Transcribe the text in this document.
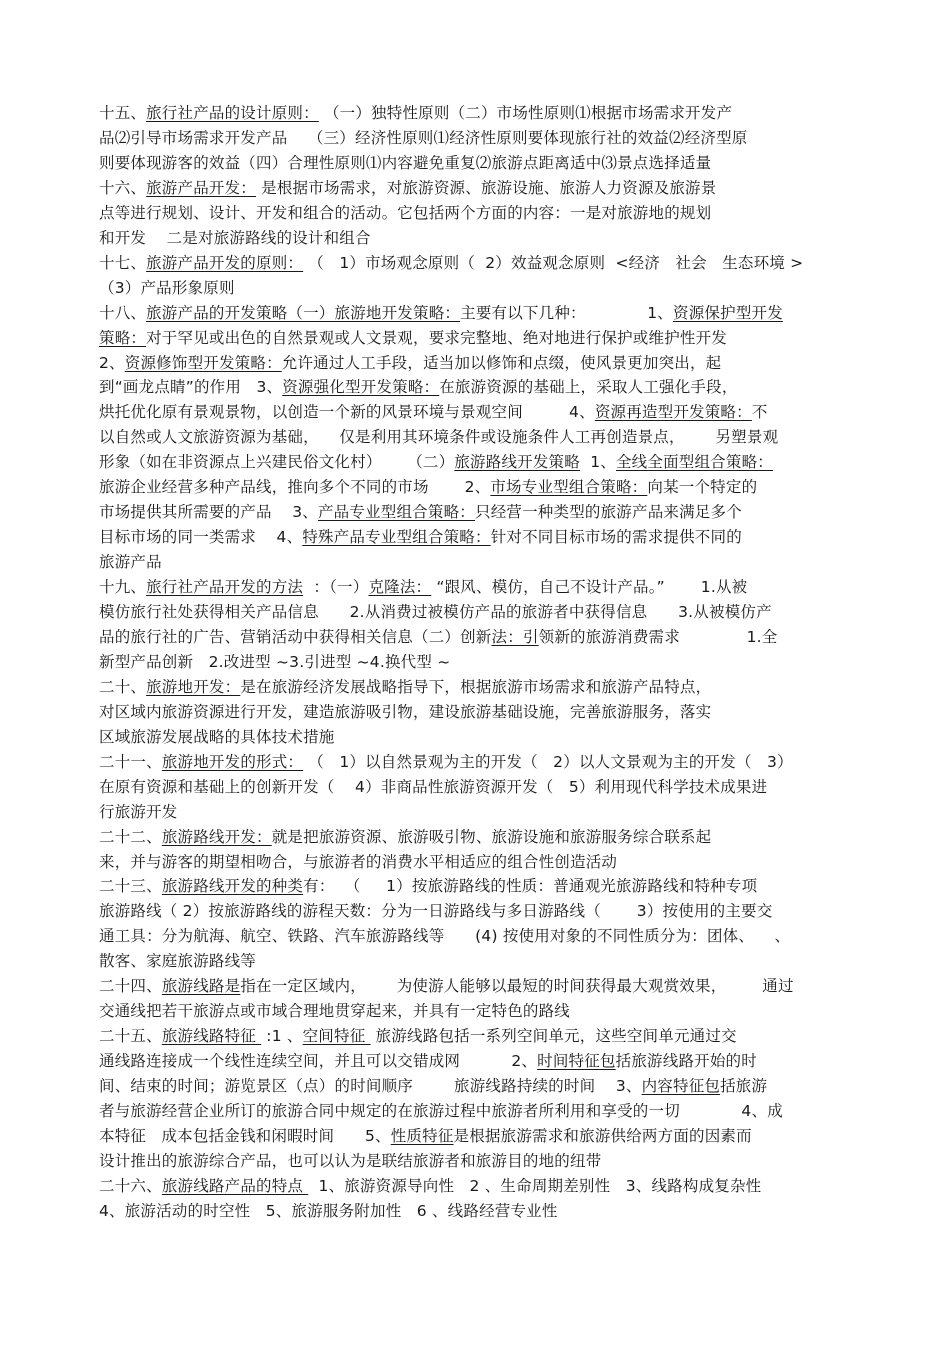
十五、旅行社产品的设计原则： （一）独特性原则（二）市场性原则⑴根据市场需求开发产
品⑵引导市场需求开发产品    （三）经济性原则⑴经济性原则要体现旅行社的效益⑵经济型原
则要体现游客的效益（四）合理性原则⑴内容避免重复⑵旅游点距离适中⑶景点选择适量
十六、旅游产品开发： 是根据市场需求，对旅游资源、旅游设施、旅游人力资源及旅游景
点等进行规划、设计、开发和组合的活动。它包括两个方面的内容：一是对旅游地的规划
和开发    二是对旅游路线的设计和组合
十七、旅游产品开发的原则： （   1）市场观念原则（  2）效益观念原则  <经济   社会   生态环境 >
（3）产品形象原则
十八、旅游产品的开发策略（一）旅游地开发策略：主要有以下几种：            1、资源保护型开发
策略：对于罕见或出色的自然景观或人文景观，要求完整地、绝对地进行保护或维护性开发
2、资源修饰型开发策略：允许通过人工手段，适当加以修饰和点缀，使风景更加突出，起
到“画龙点睛”的作用   3、资源强化型开发策略：在旅游资源的基础上，采取人工强化手段，
烘托优化原有景观景物，以创造一个新的风景环境与景观空间         4、资源再造型开发策略：不
以自然或人文旅游资源为基础，    仅是利用其环境条件或设施条件人工再创造景点，      另塑景观
形象（如在非资源点上兴建民俗文化村）     （二）旅游路线开发策略  1、全线全面型组合策略：
旅游企业经营多种产品线，推向多个不同的市场       2、市场专业型组合策略：向某一个特定的
市场提供其所需要的产品    3、产品专业型组合策略：只经营一种类型的旅游产品来满足多个
目标市场的同一类需求    4、特殊产品专业型组合策略：针对不同目标市场的需求提供不同的
旅游产品
十九、旅行社产品开发的方法  ：（一）克隆法： “跟风、模仿，自己不设计产品。”       1.从被
模仿旅行社处获得相关产品信息      2.从消费过被模仿产品的旅游者中获得信息      3.从被模仿产
品的旅行社的广告、营销活动中获得相关信息（二）创新法：引领新的旅游消费需求             1.全
新型产品创新   2.改进型 ~3.引进型 ~4.换代型 ~
二十、旅游地开发：是在旅游经济发展战略指导下，根据旅游市场需求和旅游产品特点，
对区域内旅游资源进行开发，建造旅游吸引物，建设旅游基础设施，完善旅游服务，落实
区域旅游发展战略的具体技术措施
二十一、旅游地开发的形式： （   1）以自然景观为主的开发（   2）以人文景观为主的开发（   3）
在原有资源和基础上的创新开发（    4）非商品性旅游资源开发（   5）利用现代科学技术成果进
行旅游开发
二十二、旅游路线开发：就是把旅游资源、旅游吸引物、旅游设施和旅游服务综合联系起
来，并与游客的期望相吻合，与旅游者的消费水平相适应的组合性创造活动
二十三、旅游路线开发的种类有：  （     1）按旅游路线的性质：普通观光旅游路线和特种专项
旅游路线（ 2）按旅游路线的游程天数：分为一日游路线与多日游路线（       3）按使用的主要交
通工具：分为航海、航空、铁路、汽车旅游路线等      (4) 按使用对象的不同性质分为：团体、    、
散客、家庭旅游路线等
二十四、旅游线路是指在一定区域内，      为使游人能够以最短的时间获得最大观赏效果，       通过
交通线把若干旅游点或市域合理地贯穿起来，并具有一定特色的路线
二十五、旅游线路特征  :1 、空间特征  旅游线路包括一系列空间单元，这些空间单元通过交
通线路连接成一个线性连续空间，并且可以交错成网          2、时间特征包括旅游线路开始的时
间、结束的时间；游览景区（点）的时间顺序        旅游线路持续的时间    3、内容特征包括旅游
者与旅游经营企业所订的旅游合同中规定的在旅游过程中旅游者所利用和享受的一切            4、成
本特征   成本包括金钱和闲暇时间      5、性质特征是根据旅游需求和旅游供给两方面的因素而
设计推出的旅游综合产品，也可以认为是联结旅游者和旅游目的地的纽带
二十六、旅游线路产品的特点   1、旅游资源导向性   2 、生命周期差别性   3、线路构成复杂性
4、旅游活动的时空性   5、旅游服务附加性   6 、线路经营专业性
